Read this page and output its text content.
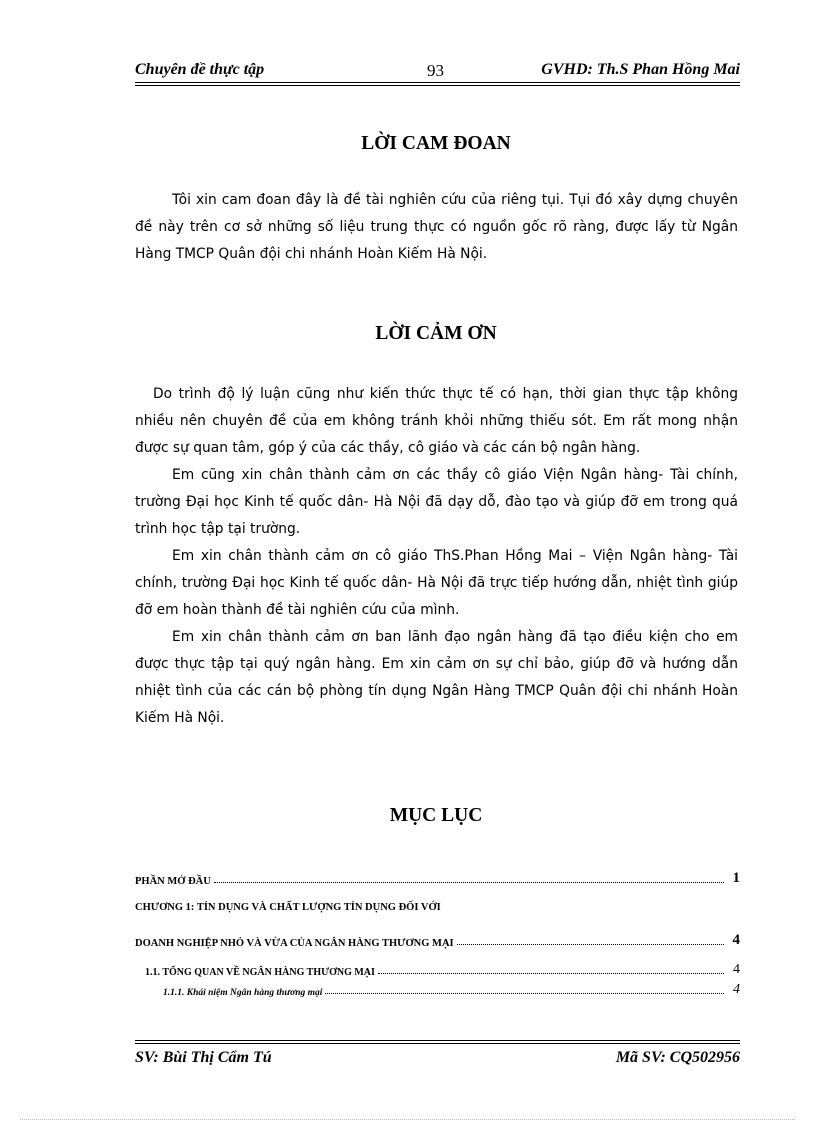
Chuyên đề thực tập	93	GVHD: Th.S Phan Hồng Mai
LỜI CAM ĐOAN

Tôi xin cam đoan đây là đề tài nghiên cứu của riêng tụi. Tụi đó xây dựng chuyên đề này trên cơ sở những số liệu trung thực có nguồn gốc rõ ràng, được lấy từ Ngân Hàng TMCP Quân đội chi nhánh Hoàn Kiếm Hà Nội.

LỜI CẢM ƠN

Do trình độ lý luận cũng như kiến thức thực tế có hạn, thời gian thực tập không nhiều nên chuyên đề của em không tránh khỏi những thiếu sót. Em rất mong nhận được sự quan tâm, góp ý của các thầy, cô giáo và các cán bộ ngân hàng.

Em cũng xin chân thành cảm ơn các thầy cô giáo Viện Ngân hàng- Tài chính, trường Đại học Kinh tế quốc dân- Hà Nội đã dạy dỗ, đào tạo và giúp đỡ em trong quá trình học tập tại trường.

Em xin chân thành cảm ơn cô giáo ThS.Phan Hồng Mai – Viện Ngân hàng- Tài chính, trường Đại học Kinh tế quốc dân- Hà Nội đã trực tiếp hướng dẫn, nhiệt tình giúp đỡ em hoàn thành đề tài nghiên cứu của mình.

Em xin chân thành cảm ơn ban lãnh đạo ngân hàng đã tạo điều kiện cho em được thực tập tại quý ngân hàng. Em xin cảm ơn sự chỉ bảo, giúp đỡ và hướng dẫn nhiệt tình của các cán bộ phòng tín dụng Ngân Hàng TMCP Quân đội chi nhánh Hoàn Kiếm Hà Nội.

MỤC LỤC
PHẦN MỞ ĐẦU	1
CHƯƠNG 1: TÍN DỤNG VÀ CHẤT LƯỢNG TÍN DỤNG ĐỐI VỚI
DOANH NGHIỆP NHỎ VÀ VỪA CỦA NGÂN HÀNG THƯƠNG MẠI	4
1.1. TỔNG QUAN VỀ NGÂN HÀNG THƯƠNG MẠI	4
1.1.1. Khái niệm Ngân hàng thương mại	4
SV: Bùi Thị Cẩm Tú	Mã SV: CQ502956
